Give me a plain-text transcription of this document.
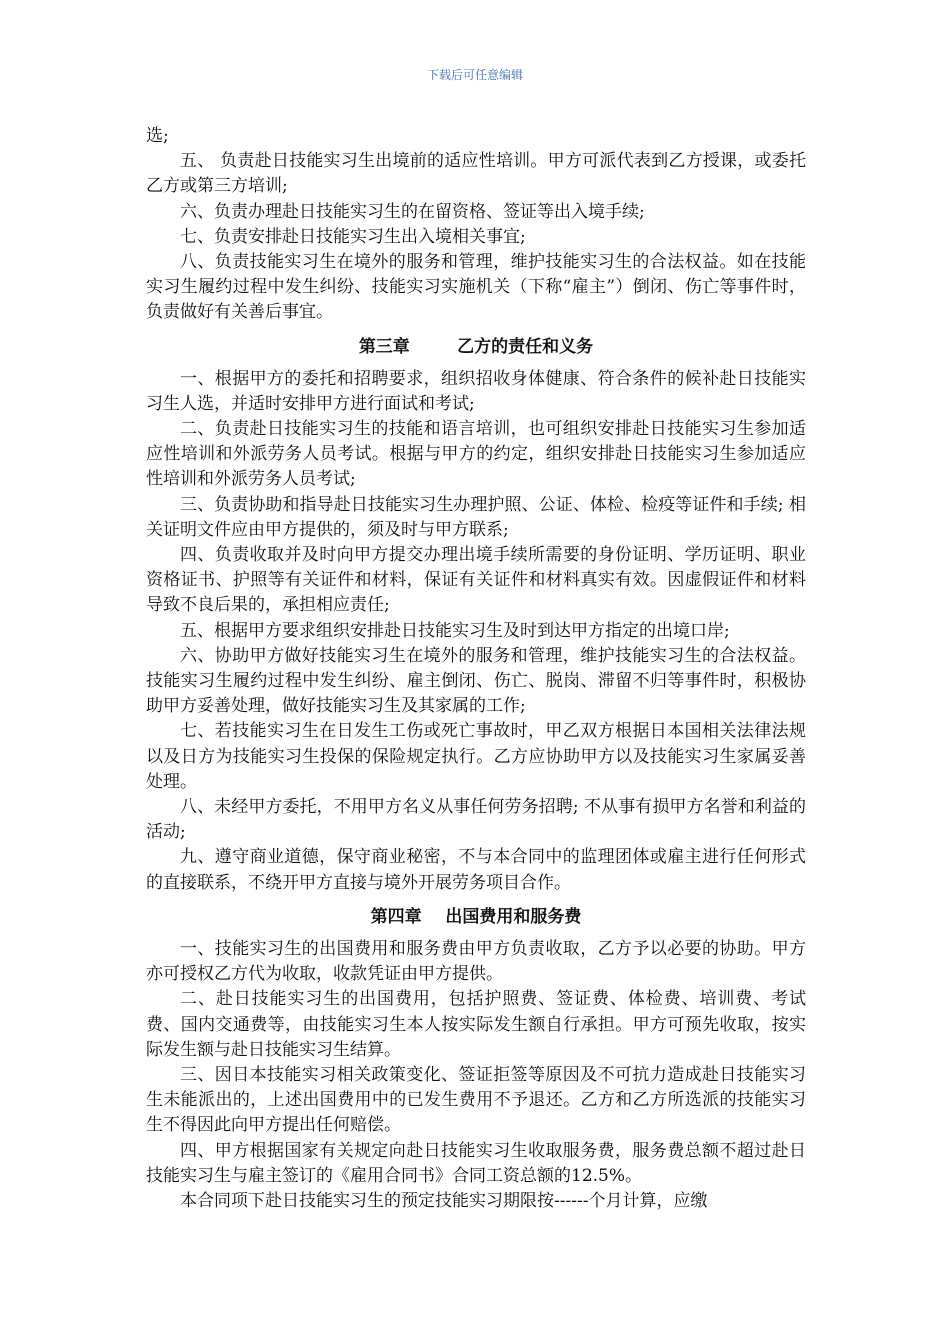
下载后可任意编辑

选;

五、 负责赴日技能实习生出境前的适应性培训。甲方可派代表到乙方授课，或委托乙方或第三方培训;

六、负责办理赴日技能实习生的在留资格、签证等出入境手续;

七、负责安排赴日技能实习生出入境相关事宜;

八、负责技能实习生在境外的服务和管理，维护技能实习生的合法权益。如在技能实习生履约过程中发生纠纷、技能实习实施机关（下称“雇主”）倒闭、伤亡等事件时，负责做好有关善后事宜。

第三章        乙方的责任和义务

一、根据甲方的委托和招聘要求，组织招收身体健康、符合条件的候补赴日技能实习生人选，并适时安排甲方进行面试和考试;

二、负责赴日技能实习生的技能和语言培训，也可组织安排赴日技能实习生参加适应性培训和外派劳务人员考试。根据与甲方的约定，组织安排赴日技能实习生参加适应性培训和外派劳务人员考试;

三、负责协助和指导赴日技能实习生办理护照、公证、体检、检疫等证件和手续; 相关证明文件应由甲方提供的，须及时与甲方联系;

四、负责收取并及时向甲方提交办理出境手续所需要的身份证明、学历证明、职业资格证书、护照等有关证件和材料，保证有关证件和材料真实有效。因虚假证件和材料导致不良后果的，承担相应责任;

五、根据甲方要求组织安排赴日技能实习生及时到达甲方指定的出境口岸;

六、协助甲方做好技能实习生在境外的服务和管理，维护技能实习生的合法权益。技能实习生履约过程中发生纠纷、雇主倒闭、伤亡、脱岗、滞留不归等事件时，积极协助甲方妥善处理，做好技能实习生及其家属的工作;

七、若技能实习生在日发生工伤或死亡事故时，甲乙双方根据日本国相关法律法规以及日方为技能实习生投保的保险规定执行。乙方应协助甲方以及技能实习生家属妥善处理。

八、未经甲方委托，不用甲方名义从事任何劳务招聘; 不从事有损甲方名誉和利益的活动;

九、遵守商业道德，保守商业秘密，不与本合同中的监理团体或雇主进行任何形式的直接联系，不绕开甲方直接与境外开展劳务项目合作。

第四章    出国费用和服务费

一、技能实习生的出国费用和服务费由甲方负责收取，乙方予以必要的协助。甲方亦可授权乙方代为收取，收款凭证由甲方提供。

二、赴日技能实习生的出国费用，包括护照费、签证费、体检费、培训费、考试费、国内交通费等，由技能实习生本人按实际发生额自行承担。甲方可预先收取，按实际发生额与赴日技能实习生结算。

三、因日本技能实习相关政策变化、签证拒签等原因及不可抗力造成赴日技能实习生未能派出的，上述出国费用中的已发生费用不予退还。乙方和乙方所选派的技能实习生不得因此向甲方提出任何赔偿。

四、甲方根据国家有关规定向赴日技能实习生收取服务费，服务费总额不超过赴日技能实习生与雇主签订的《雇用合同书》合同工资总额的12.5%。

本合同项下赴日技能实习生的预定技能实习期限按------个月计算，应缴
